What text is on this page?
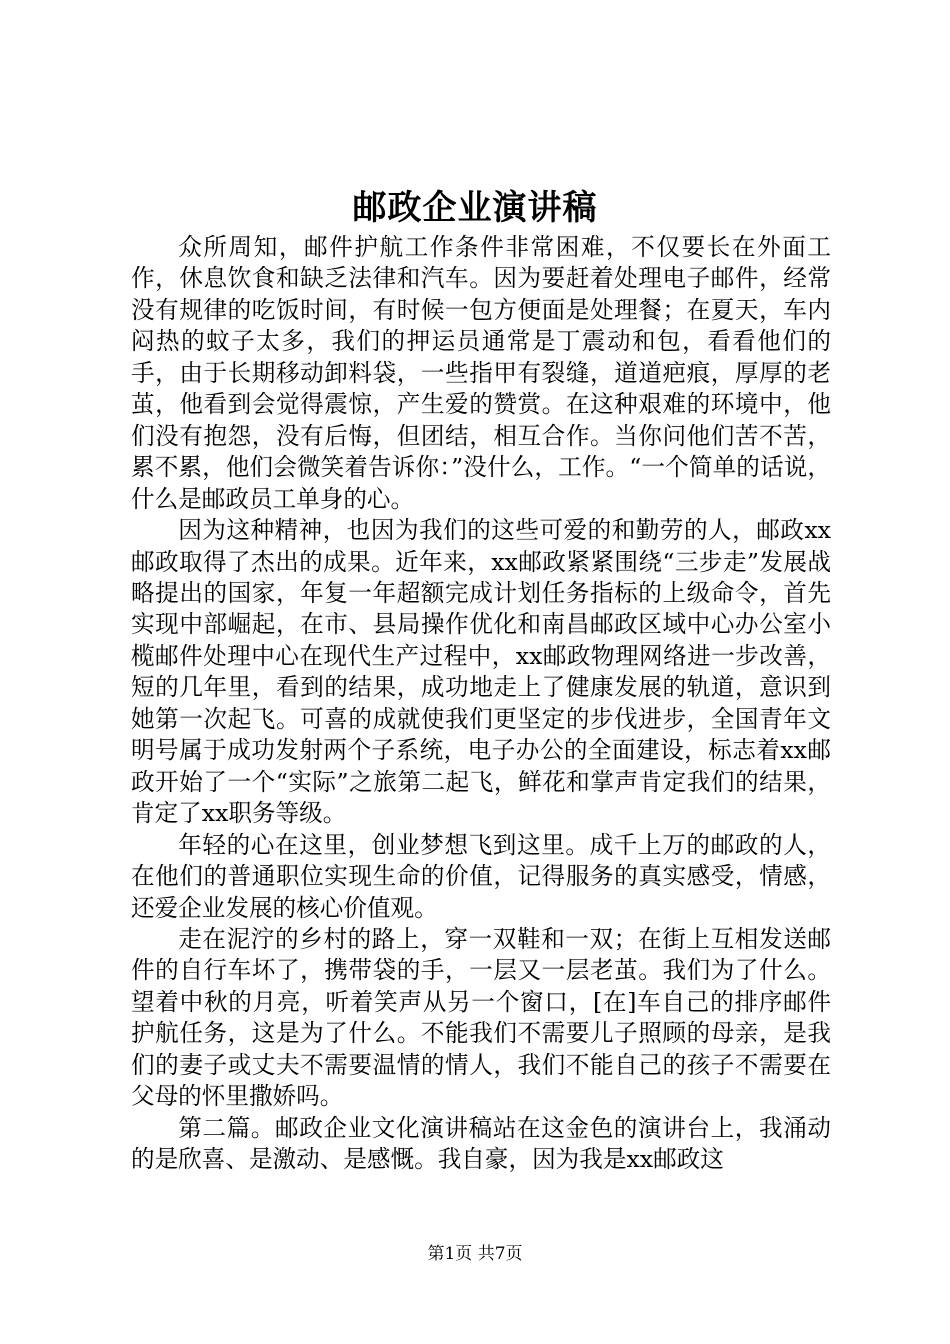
邮政企业演讲稿

众所周知，邮件护航工作条件非常困难，不仅要长在外面工作，休息饮食和缺乏法律和汽车。因为要赶着处理电子邮件，经常没有规律的吃饭时间，有时候一包方便面是处理餐；在夏天，车内闷热的蚊子太多，我们的押运员通常是丁震动和包，看看他们的手，由于长期移动卸料袋，一些指甲有裂缝，道道疤痕，厚厚的老茧，他看到会觉得震惊，产生爱的赞赏。在这种艰难的环境中，他们没有抱怨，没有后悔，但团结，相互合作。当你问他们苦不苦，累不累，他们会微笑着告诉你：”没什么，工作。“一个简单的话说，什么是邮政员工单身的心。

因为这种精神，也因为我们的这些可爱的和勤劳的人，邮政xx邮政取得了杰出的成果。近年来，xx邮政紧紧围绕“三步走”发展战略提出的国家，年复一年超额完成计划任务指标的上级命令，首先实现中部崛起，在市、县局操作优化和南昌邮政区域中心办公室小榄邮件处理中心在现代生产过程中，xx邮政物理网络进一步改善，短的几年里，看到的结果，成功地走上了健康发展的轨道，意识到她第一次起飞。可喜的成就使我们更坚定的步伐进步，全国青年文明号属于成功发射两个子系统，电子办公的全面建设，标志着xx邮政开始了一个“实际”之旅第二起飞，鲜花和掌声肯定我们的结果，肯定了xx职务等级。

年轻的心在这里，创业梦想飞到这里。成千上万的邮政的人，在他们的普通职位实现生命的价值，记得服务的真实感受，情感，还爱企业发展的核心价值观。

走在泥泞的乡村的路上，穿一双鞋和一双；在街上互相发送邮件的自行车坏了，携带袋的手，一层又一层老茧。我们为了什么。望着中秋的月亮，听着笑声从另一个窗口，[在]车自己的排序邮件护航任务，这是为了什么。不能我们不需要儿子照顾的母亲，是我们的妻子或丈夫不需要温情的情人，我们不能自己的孩子不需要在父母的怀里撒娇吗。

第二篇。邮政企业文化演讲稿站在这金色的演讲台上，我涌动的是欣喜、是激动、是感慨。我自豪，因为我是xx邮政这

第1页 共7页
